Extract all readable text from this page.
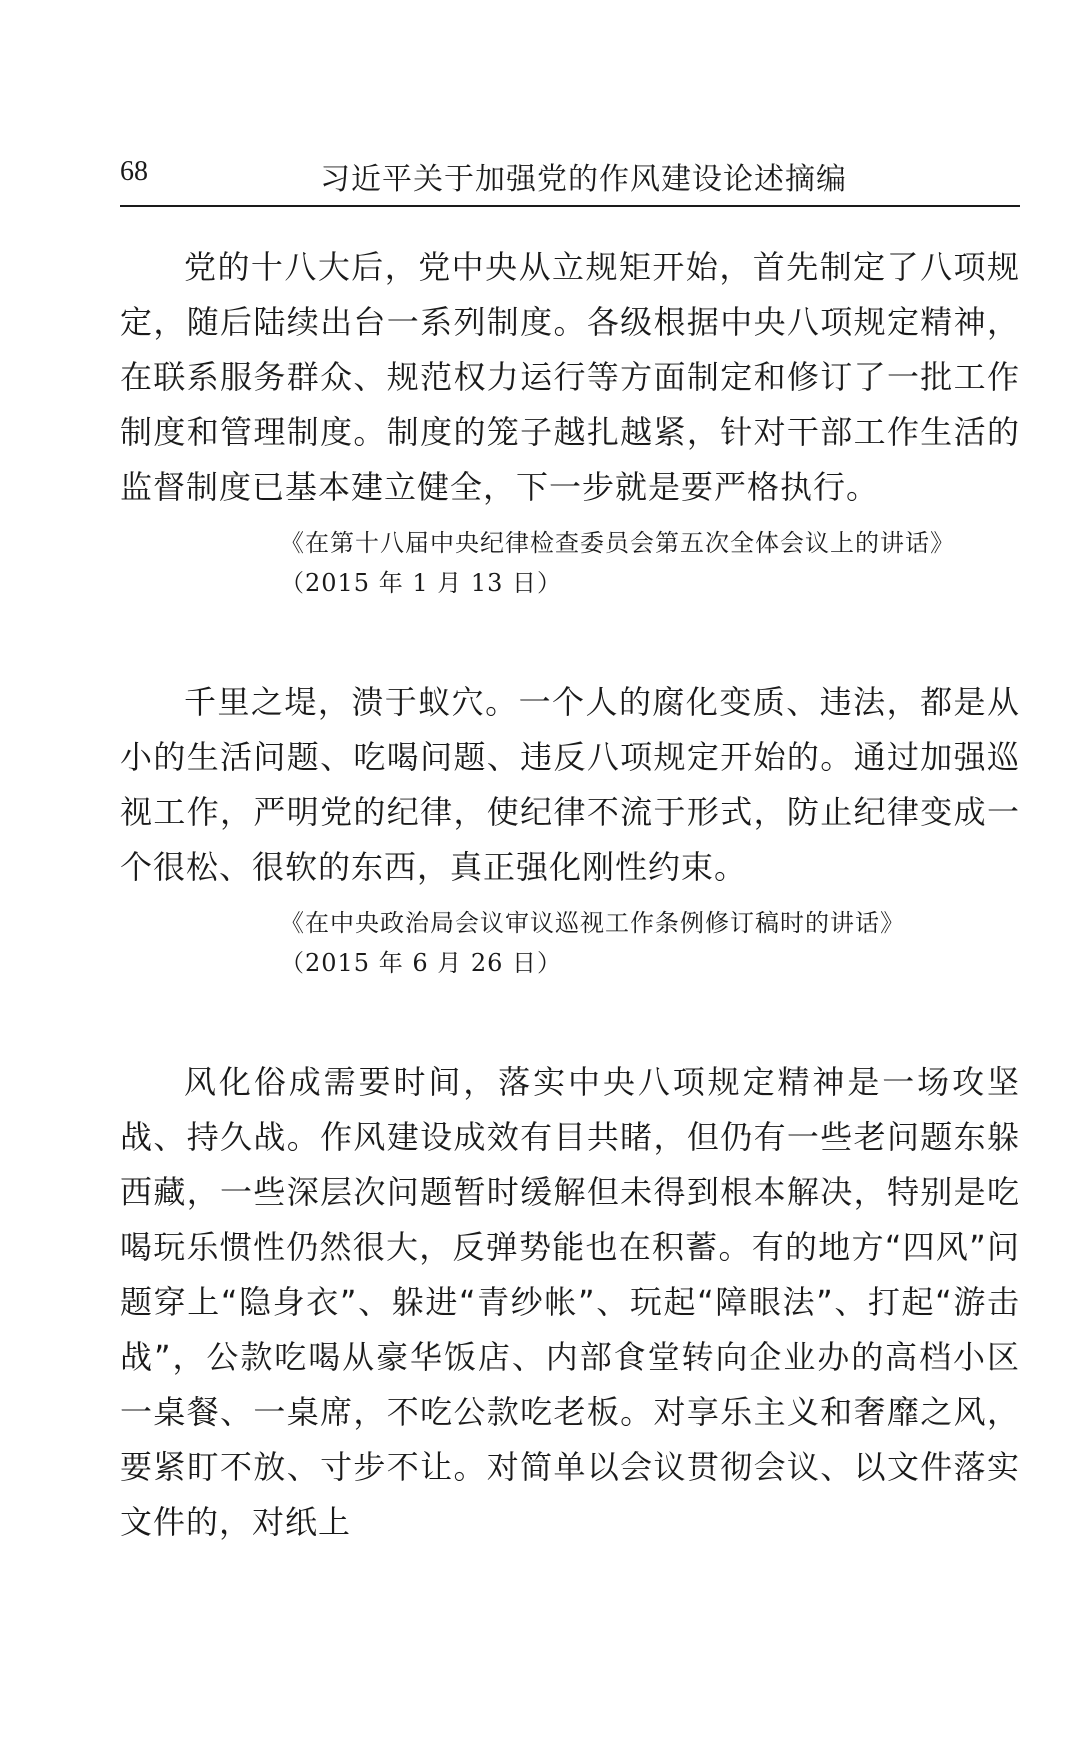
68	习近平关于加强党的作风建设论述摘编

党的十八大后，党中央从立规矩开始，首先制定了八项规定，随后陆续出台一系列制度。各级根据中央八项规定精神，在联系服务群众、规范权力运行等方面制定和修订了一批工作制度和管理制度。制度的笼子越扎越紧，针对干部工作生活的监督制度已基本建立健全，下一步就是要严格执行。

《在第十八届中央纪律检查委员会第五次全体会议上的讲话》
（2015 年 1 月 13 日）

千里之堤，溃于蚁穴。一个人的腐化变质、违法，都是从小的生活问题、吃喝问题、违反八项规定开始的。通过加强巡视工作，严明党的纪律，使纪律不流于形式，防止纪律变成一个很松、很软的东西，真正强化刚性约束。

《在中央政治局会议审议巡视工作条例修订稿时的讲话》
（2015 年 6 月 26 日）

风化俗成需要时间，落实中央八项规定精神是一场攻坚战、持久战。作风建设成效有目共睹，但仍有一些老问题东躲西藏，一些深层次问题暂时缓解但未得到根本解决，特别是吃喝玩乐惯性仍然很大，反弹势能也在积蓄。有的地方“四风”问题穿上“隐身衣”、躲进“青纱帐”、玩起“障眼法”、打起“游击战”，公款吃喝从豪华饭店、内部食堂转向企业办的高档小区一桌餐、一桌席，不吃公款吃老板。对享乐主义和奢靡之风，要紧盯不放、寸步不让。对简单以会议贯彻会议、以文件落实文件的，对纸上
